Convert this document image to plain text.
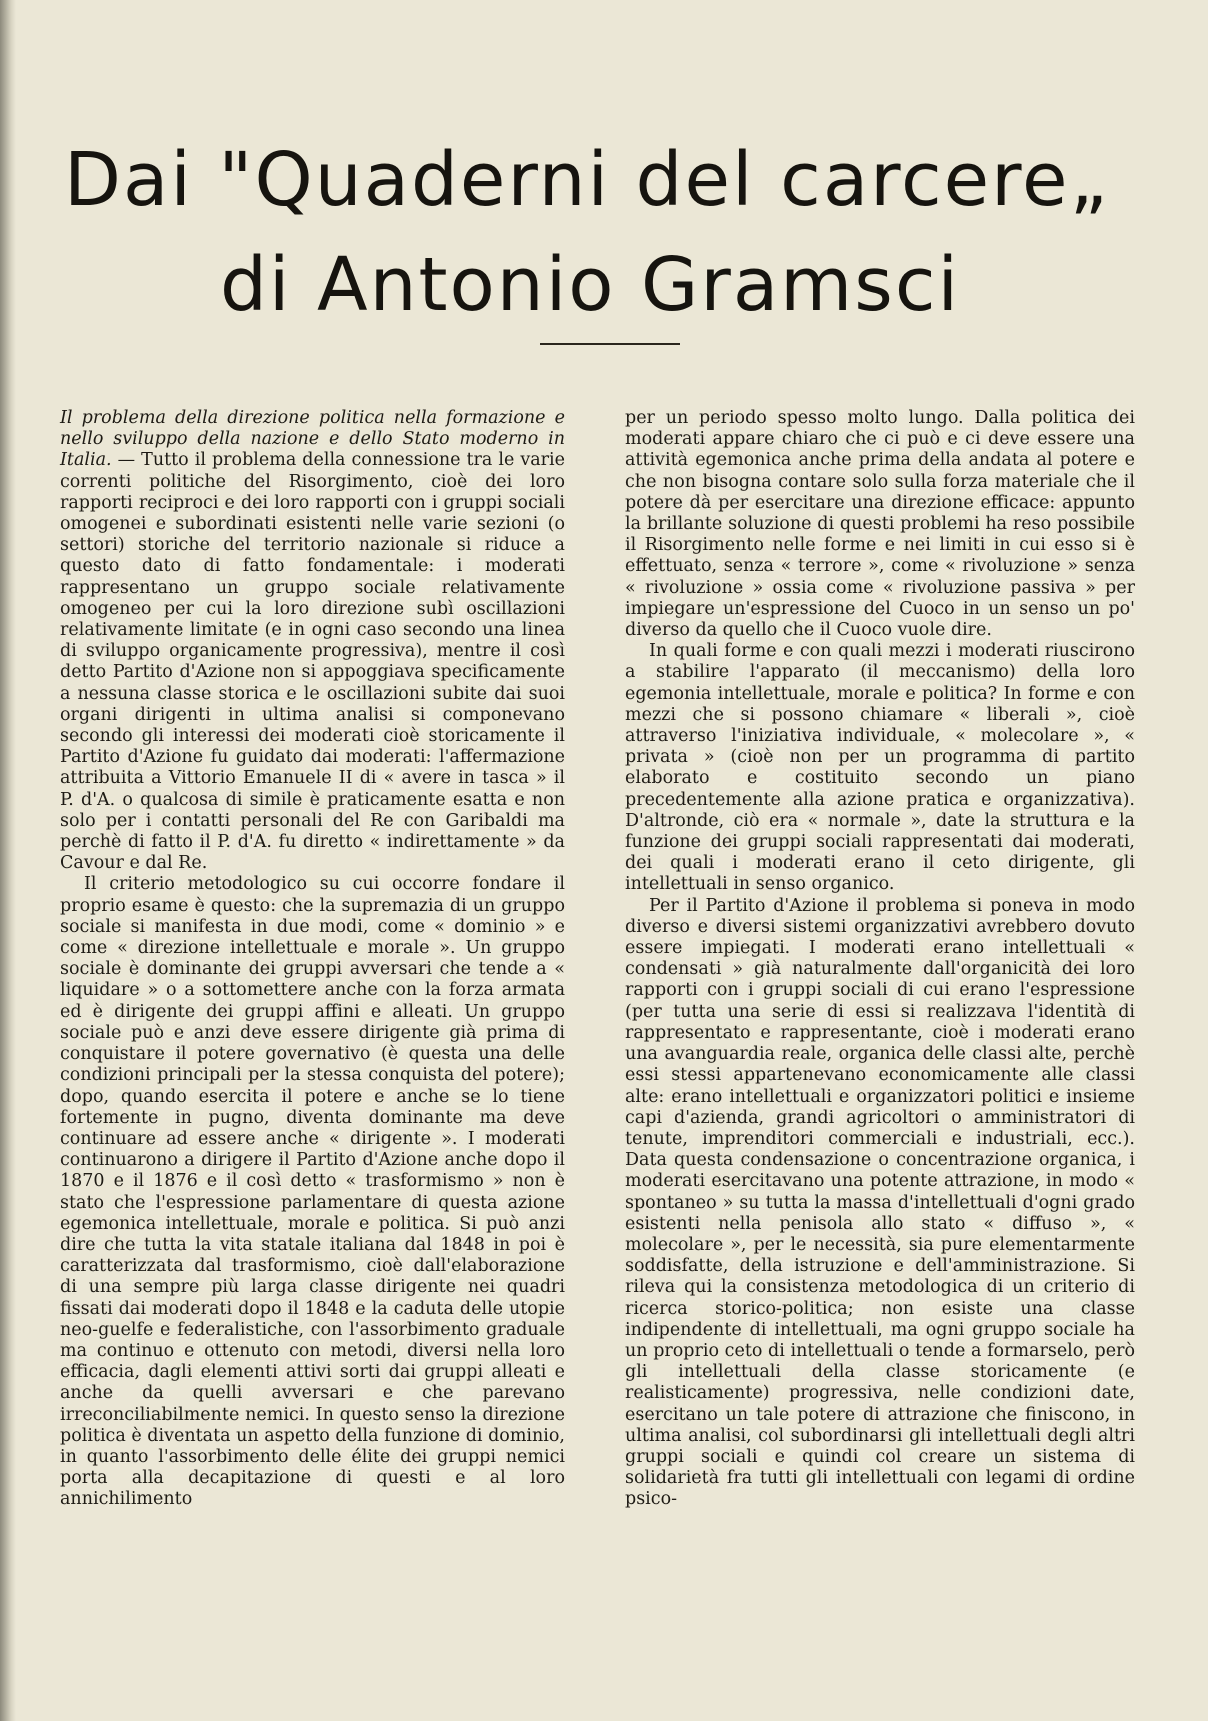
Dai "Quaderni del carcere„
di Antonio Gramsci

Il problema della direzione politica nella formazione e nello sviluppo della nazione e dello Stato moderno in Italia. — Tutto il problema della connessione tra le varie correnti politiche del Risorgimento, cioè dei loro rapporti reciproci e dei loro rapporti con i gruppi sociali omogenei e subordinati esistenti nelle varie sezioni (o settori) storiche del territorio nazionale si riduce a questo dato di fatto fondamentale: i moderati rappresentano un gruppo sociale relativamente omogeneo per cui la loro direzione subì oscillazioni relativamente limitate (e in ogni caso secondo una linea di sviluppo organicamente progressiva), mentre il così detto Partito d'Azione non si appoggiava specificamente a nessuna classe storica e le oscillazioni subite dai suoi organi dirigenti in ultima analisi si componevano secondo gli interessi dei moderati cioè storicamente il Partito d'Azione fu guidato dai moderati: l'affermazione attribuita a Vittorio Emanuele II di « avere in tasca » il P. d'A. o qualcosa di simile è praticamente esatta e non solo per i contatti personali del Re con Garibaldi ma perchè di fatto il P. d'A. fu diretto « indirettamente » da Cavour e dal Re.

Il criterio metodologico su cui occorre fondare il proprio esame è questo: che la supremazia di un gruppo sociale si manifesta in due modi, come « dominio » e come « direzione intellettuale e morale ». Un gruppo sociale è dominante dei gruppi avversari che tende a « liquidare » o a sottomettere anche con la forza armata ed è dirigente dei gruppi affini e alleati. Un gruppo sociale può e anzi deve essere dirigente già prima di conquistare il potere governativo (è questa una delle condizioni principali per la stessa conquista del potere); dopo, quando esercita il potere e anche se lo tiene fortemente in pugno, diventa dominante ma deve continuare ad essere anche « dirigente ». I moderati continuarono a dirigere il Partito d'Azione anche dopo il 1870 e il 1876 e il così detto « trasformismo » non è stato che l'espressione parlamentare di questa azione egemonica intellettuale, morale e politica. Si può anzi dire che tutta la vita statale italiana dal 1848 in poi è caratterizzata dal trasformismo, cioè dall'elaborazione di una sempre più larga classe dirigente nei quadri fissati dai moderati dopo il 1848 e la caduta delle utopie neo-guelfe e federalistiche, con l'assorbimento graduale ma continuo e ottenuto con metodi, diversi nella loro efficacia, dagli elementi attivi sorti dai gruppi alleati e anche da quelli avversari e che parevano irreconciliabilmente nemici. In questo senso la direzione politica è diventata un aspetto della funzione di dominio, in quanto l'assorbimento delle élite dei gruppi nemici porta alla decapitazione di questi e al loro annichilimento

per un periodo spesso molto lungo. Dalla politica dei moderati appare chiaro che ci può e ci deve essere una attività egemonica anche prima della andata al potere e che non bisogna contare solo sulla forza materiale che il potere dà per esercitare una direzione efficace: appunto la brillante soluzione di questi problemi ha reso possibile il Risorgimento nelle forme e nei limiti in cui esso si è effettuato, senza « terrore », come « rivoluzione » senza « rivoluzione » ossia come « rivoluzione passiva » per impiegare un'espressione del Cuoco in un senso un po' diverso da quello che il Cuoco vuole dire.

In quali forme e con quali mezzi i moderati riuscirono a stabilire l'apparato (il meccanismo) della loro egemonia intellettuale, morale e politica? In forme e con mezzi che si possono chiamare « liberali », cioè attraverso l'iniziativa individuale, « molecolare », « privata » (cioè non per un programma di partito elaborato e costituito secondo un piano precedentemente alla azione pratica e organizzativa). D'altronde, ciò era « normale », date la struttura e la funzione dei gruppi sociali rappresentati dai moderati, dei quali i moderati erano il ceto dirigente, gli intellettuali in senso organico.

Per il Partito d'Azione il problema si poneva in modo diverso e diversi sistemi organizzativi avrebbero dovuto essere impiegati. I moderati erano intellettuali « condensati » già naturalmente dall'organicità dei loro rapporti con i gruppi sociali di cui erano l'espressione (per tutta una serie di essi si realizzava l'identità di rappresentato e rappresentante, cioè i moderati erano una avanguardia reale, organica delle classi alte, perchè essi stessi appartenevano economicamente alle classi alte: erano intellettuali e organizzatori politici e insieme capi d'azienda, grandi agricoltori o amministratori di tenute, imprenditori commerciali e industriali, ecc.). Data questa condensazione o concentrazione organica, i moderati esercitavano una potente attrazione, in modo « spontaneo » su tutta la massa d'intellettuali d'ogni grado esistenti nella penisola allo stato « diffuso », « molecolare », per le necessità, sia pure elementarmente soddisfatte, della istruzione e dell'amministrazione. Si rileva qui la consistenza metodologica di un criterio di ricerca storico-politica; non esiste una classe indipendente di intellettuali, ma ogni gruppo sociale ha un proprio ceto di intellettuali o tende a formarselo, però gli intellettuali della classe storicamente (e realisticamente) progressiva, nelle condizioni date, esercitano un tale potere di attrazione che finiscono, in ultima analisi, col subordinarsi gli intellettuali degli altri gruppi sociali e quindi col creare un sistema di solidarietà fra tutti gli intellettuali con legami di ordine psico-
